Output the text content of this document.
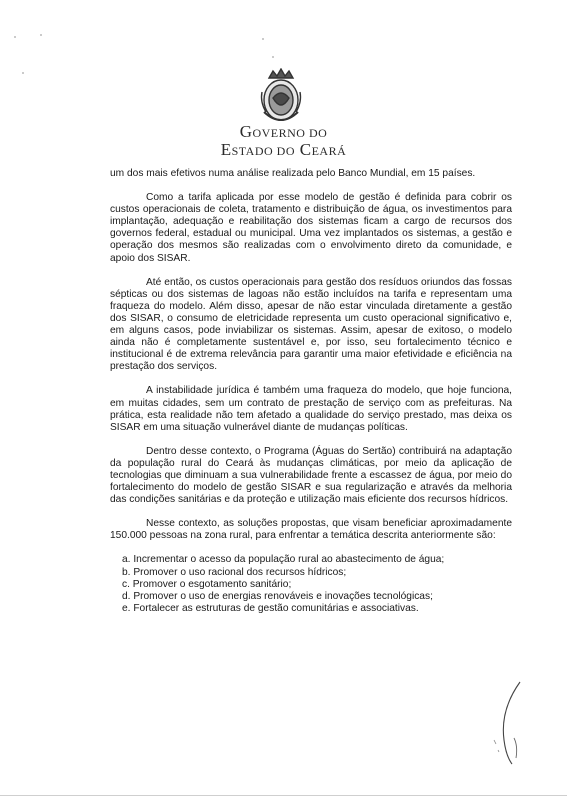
GOVERNO DO
ESTADO DO CEARÁ

um dos mais efetivos numa análise realizada pelo Banco Mundial, em 15 países.

Como a tarifa aplicada por esse modelo de gestão é definida para cobrir os custos operacionais de coleta, tratamento e distribuição de água, os investimentos para implantação, adequação e reabilitação dos sistemas ficam a cargo de recursos dos governos federal, estadual ou municipal. Uma vez implantados os sistemas, a gestão e operação dos mesmos são realizadas com o envolvimento direto da comunidade, e apoio dos SISAR.

Até então, os custos operacionais para gestão dos resíduos oriundos das fossas sépticas ou dos sistemas de lagoas não estão incluídos na tarifa e representam uma fraqueza do modelo. Além disso, apesar de não estar vinculada diretamente a gestão dos SISAR, o consumo de eletricidade representa um custo operacional significativo e, em alguns casos, pode inviabilizar os sistemas. Assim, apesar de exitoso, o modelo ainda não é completamente sustentável e, por isso, seu fortalecimento técnico e institucional é de extrema relevância para garantir uma maior efetividade e eficiência na prestação dos serviços.

A instabilidade jurídica é também uma fraqueza do modelo, que hoje funciona, em muitas cidades, sem um contrato de prestação de serviço com as prefeituras. Na prática, esta realidade não tem afetado a qualidade do serviço prestado, mas deixa os SISAR em uma situação vulnerável diante de mudanças políticas.

Dentro desse contexto, o Programa (Águas do Sertão) contribuirá na adaptação da população rural do Ceará às mudanças climáticas, por meio da aplicação de tecnologias que diminuam a sua vulnerabilidade frente a escassez de água, por meio do fortalecimento do modelo de gestão SISAR e sua regularização e através da melhoria das condições sanitárias e da proteção e utilização mais eficiente dos recursos hídricos.

Nesse contexto, as soluções propostas, que visam beneficiar aproximadamente 150.000 pessoas na zona rural, para enfrentar a temática descrita anteriormente são:

a. Incrementar o acesso da população rural ao abastecimento de água;
b. Promover o uso racional dos recursos hídricos;
c. Promover o esgotamento sanitário;
d. Promover o uso de energias renováveis e inovações tecnológicas;
e. Fortalecer as estruturas de gestão comunitárias e associativas.
